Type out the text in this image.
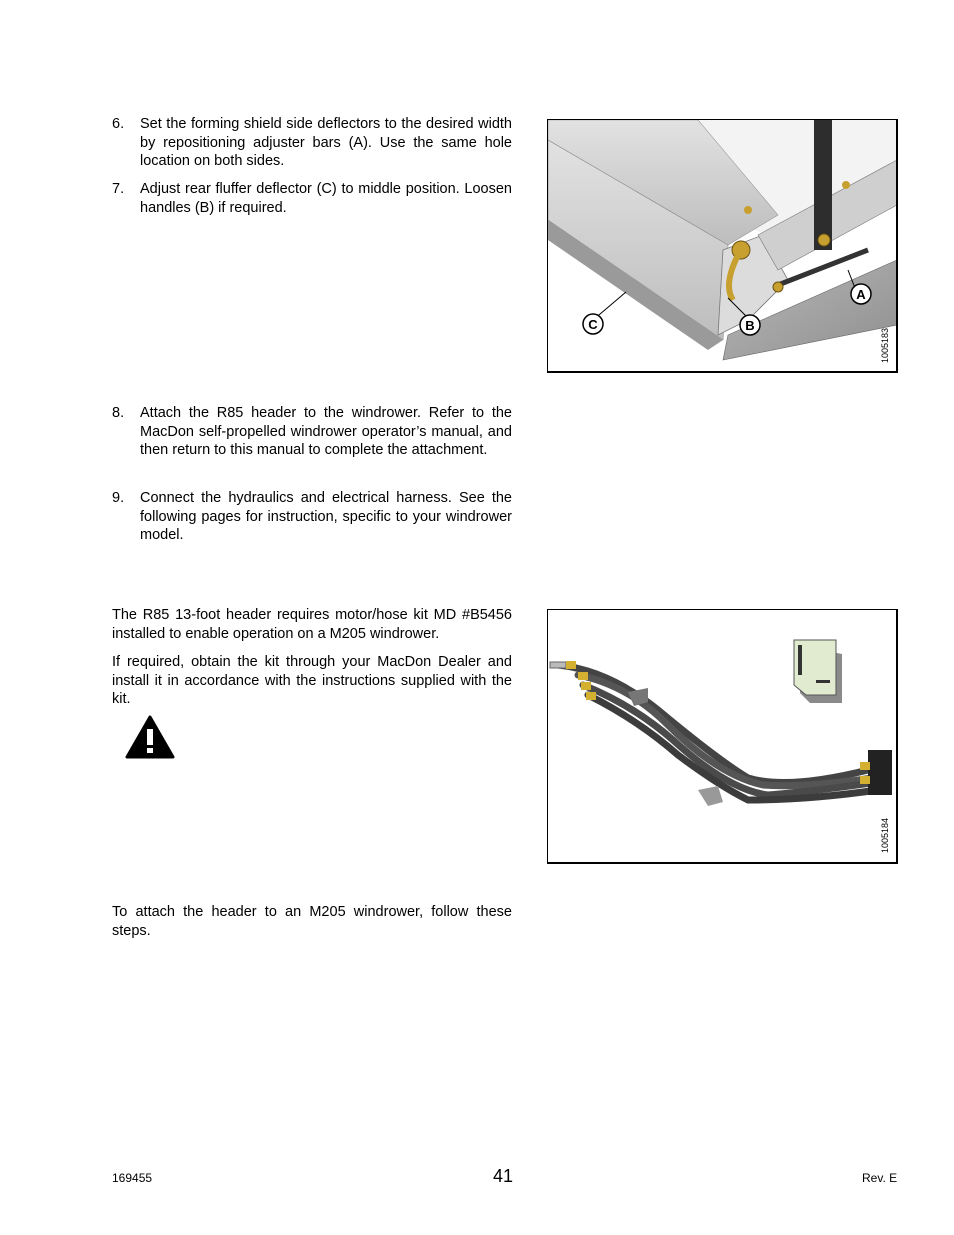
6. Set the forming shield side deflectors to the desired width by repositioning adjuster bars (A). Use the same hole location on both sides.
7. Adjust rear fluffer deflector (C) to middle position. Loosen handles (B) if required.
C	B
A
1005183
8. Attach the R85 header to the windrower. Refer to the MacDon self-propelled windrower operator’s manual, and then return to this manual to complete the attachment.
9. Connect the hydraulics and electrical harness. See the following pages for instruction, specific to your windrower model.
The R85 13-foot header requires motor/hose kit MD #B5456 installed to enable operation on a M205 windrower.
If required, obtain the kit through your MacDon Dealer and install it in accordance with the instructions supplied with the kit.
1005184
To attach the header to an M205 windrower, follow these steps.
169455	41	Rev. E
